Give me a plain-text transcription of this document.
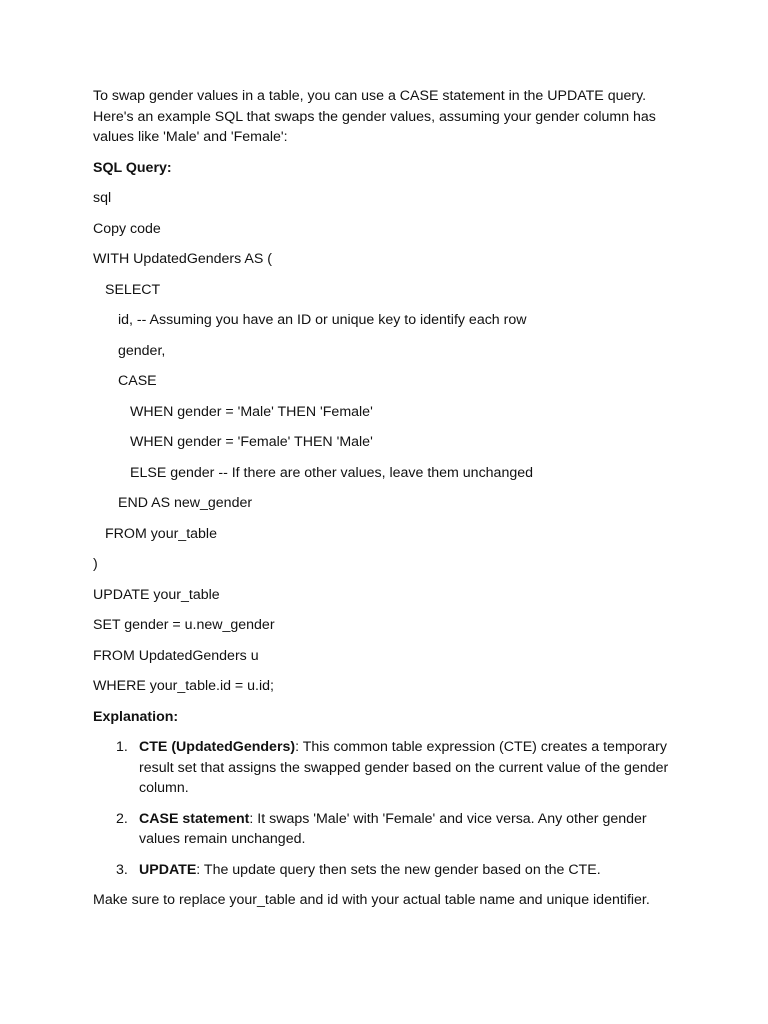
To swap gender values in a table, you can use a CASE statement in the UPDATE query. Here's an example SQL that swaps the gender values, assuming your gender column has values like 'Male' and 'Female':

SQL Query:

sql

Copy code

WITH UpdatedGenders AS (

SELECT

id, -- Assuming you have an ID or unique key to identify each row

gender,

CASE

WHEN gender = 'Male' THEN 'Female'

WHEN gender = 'Female' THEN 'Male'

ELSE gender -- If there are other values, leave them unchanged

END AS new_gender

FROM your_table

)

UPDATE your_table

SET gender = u.new_gender

FROM UpdatedGenders u

WHERE your_table.id = u.id;

Explanation:

1. CTE (UpdatedGenders): This common table expression (CTE) creates a temporary result set that assigns the swapped gender based on the current value of the gender column.
2. CASE statement: It swaps 'Male' with 'Female' and vice versa. Any other gender values remain unchanged.
3. UPDATE: The update query then sets the new gender based on the CTE.

Make sure to replace your_table and id with your actual table name and unique identifier.
